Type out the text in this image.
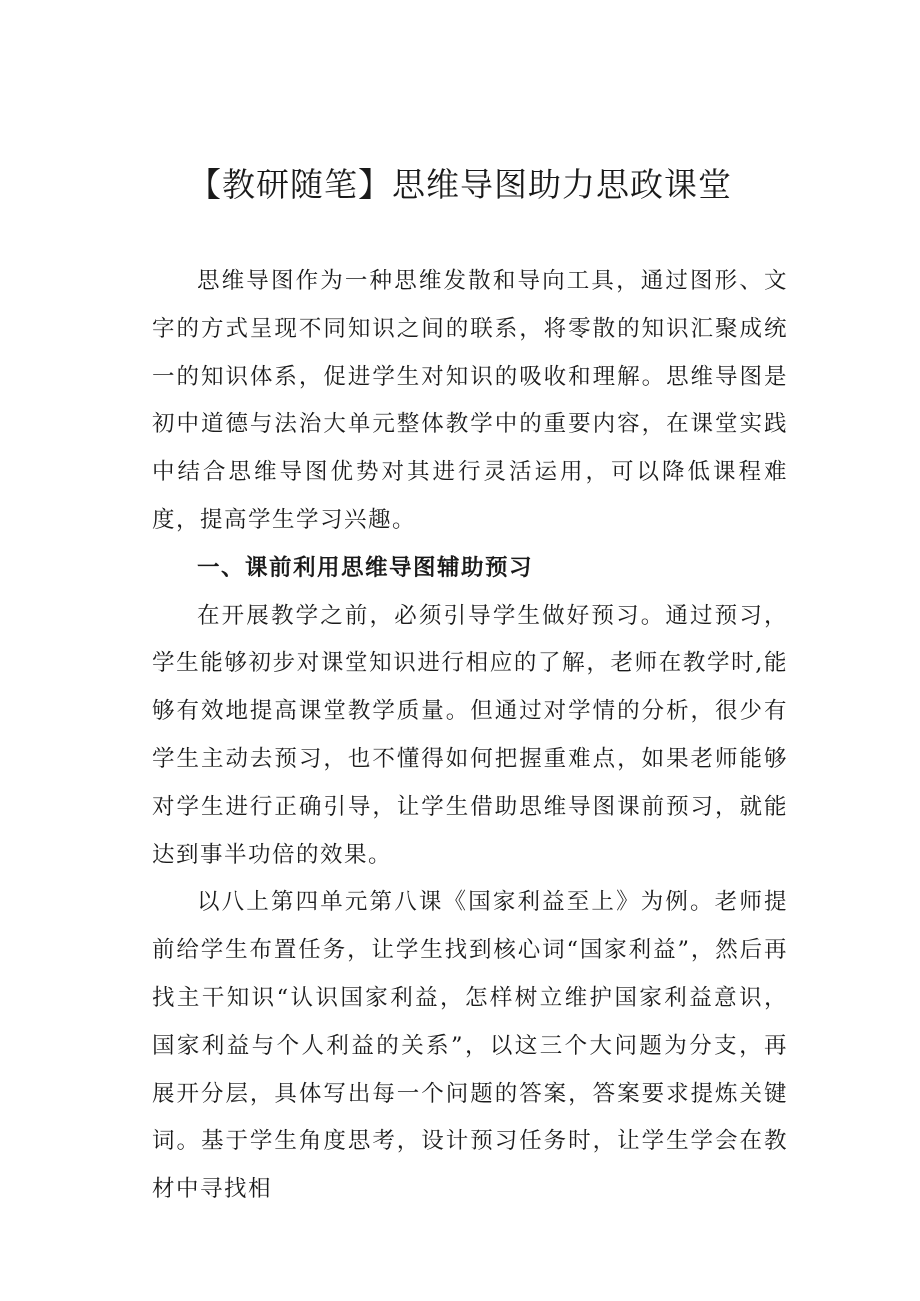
【教研随笔】思维导图助力思政课堂

思维导图作为一种思维发散和导向工具，通过图形、文字的方式呈现不同知识之间的联系，将零散的知识汇聚成统一的知识体系，促进学生对知识的吸收和理解。思维导图是初中道德与法治大单元整体教学中的重要内容，在课堂实践中结合思维导图优势对其进行灵活运用，可以降低课程难度，提高学生学习兴趣。

一、课前利用思维导图辅助预习

在开展教学之前，必须引导学生做好预习。通过预习，学生能够初步对课堂知识进行相应的了解，老师在教学时,能够有效地提高课堂教学质量。但通过对学情的分析，很少有学生主动去预习，也不懂得如何把握重难点，如果老师能够对学生进行正确引导，让学生借助思维导图课前预习，就能达到事半功倍的效果。

以八上第四单元第八课《国家利益至上》为例。老师提前给学生布置任务，让学生找到核心词“国家利益”，然后再找主干知识“认识国家利益，怎样树立维护国家利益意识，国家利益与个人利益的关系”，以这三个大问题为分支，再展开分层，具体写出每一个问题的答案，答案要求提炼关键词。基于学生角度思考，设计预习任务时，让学生学会在教材中寻找相
